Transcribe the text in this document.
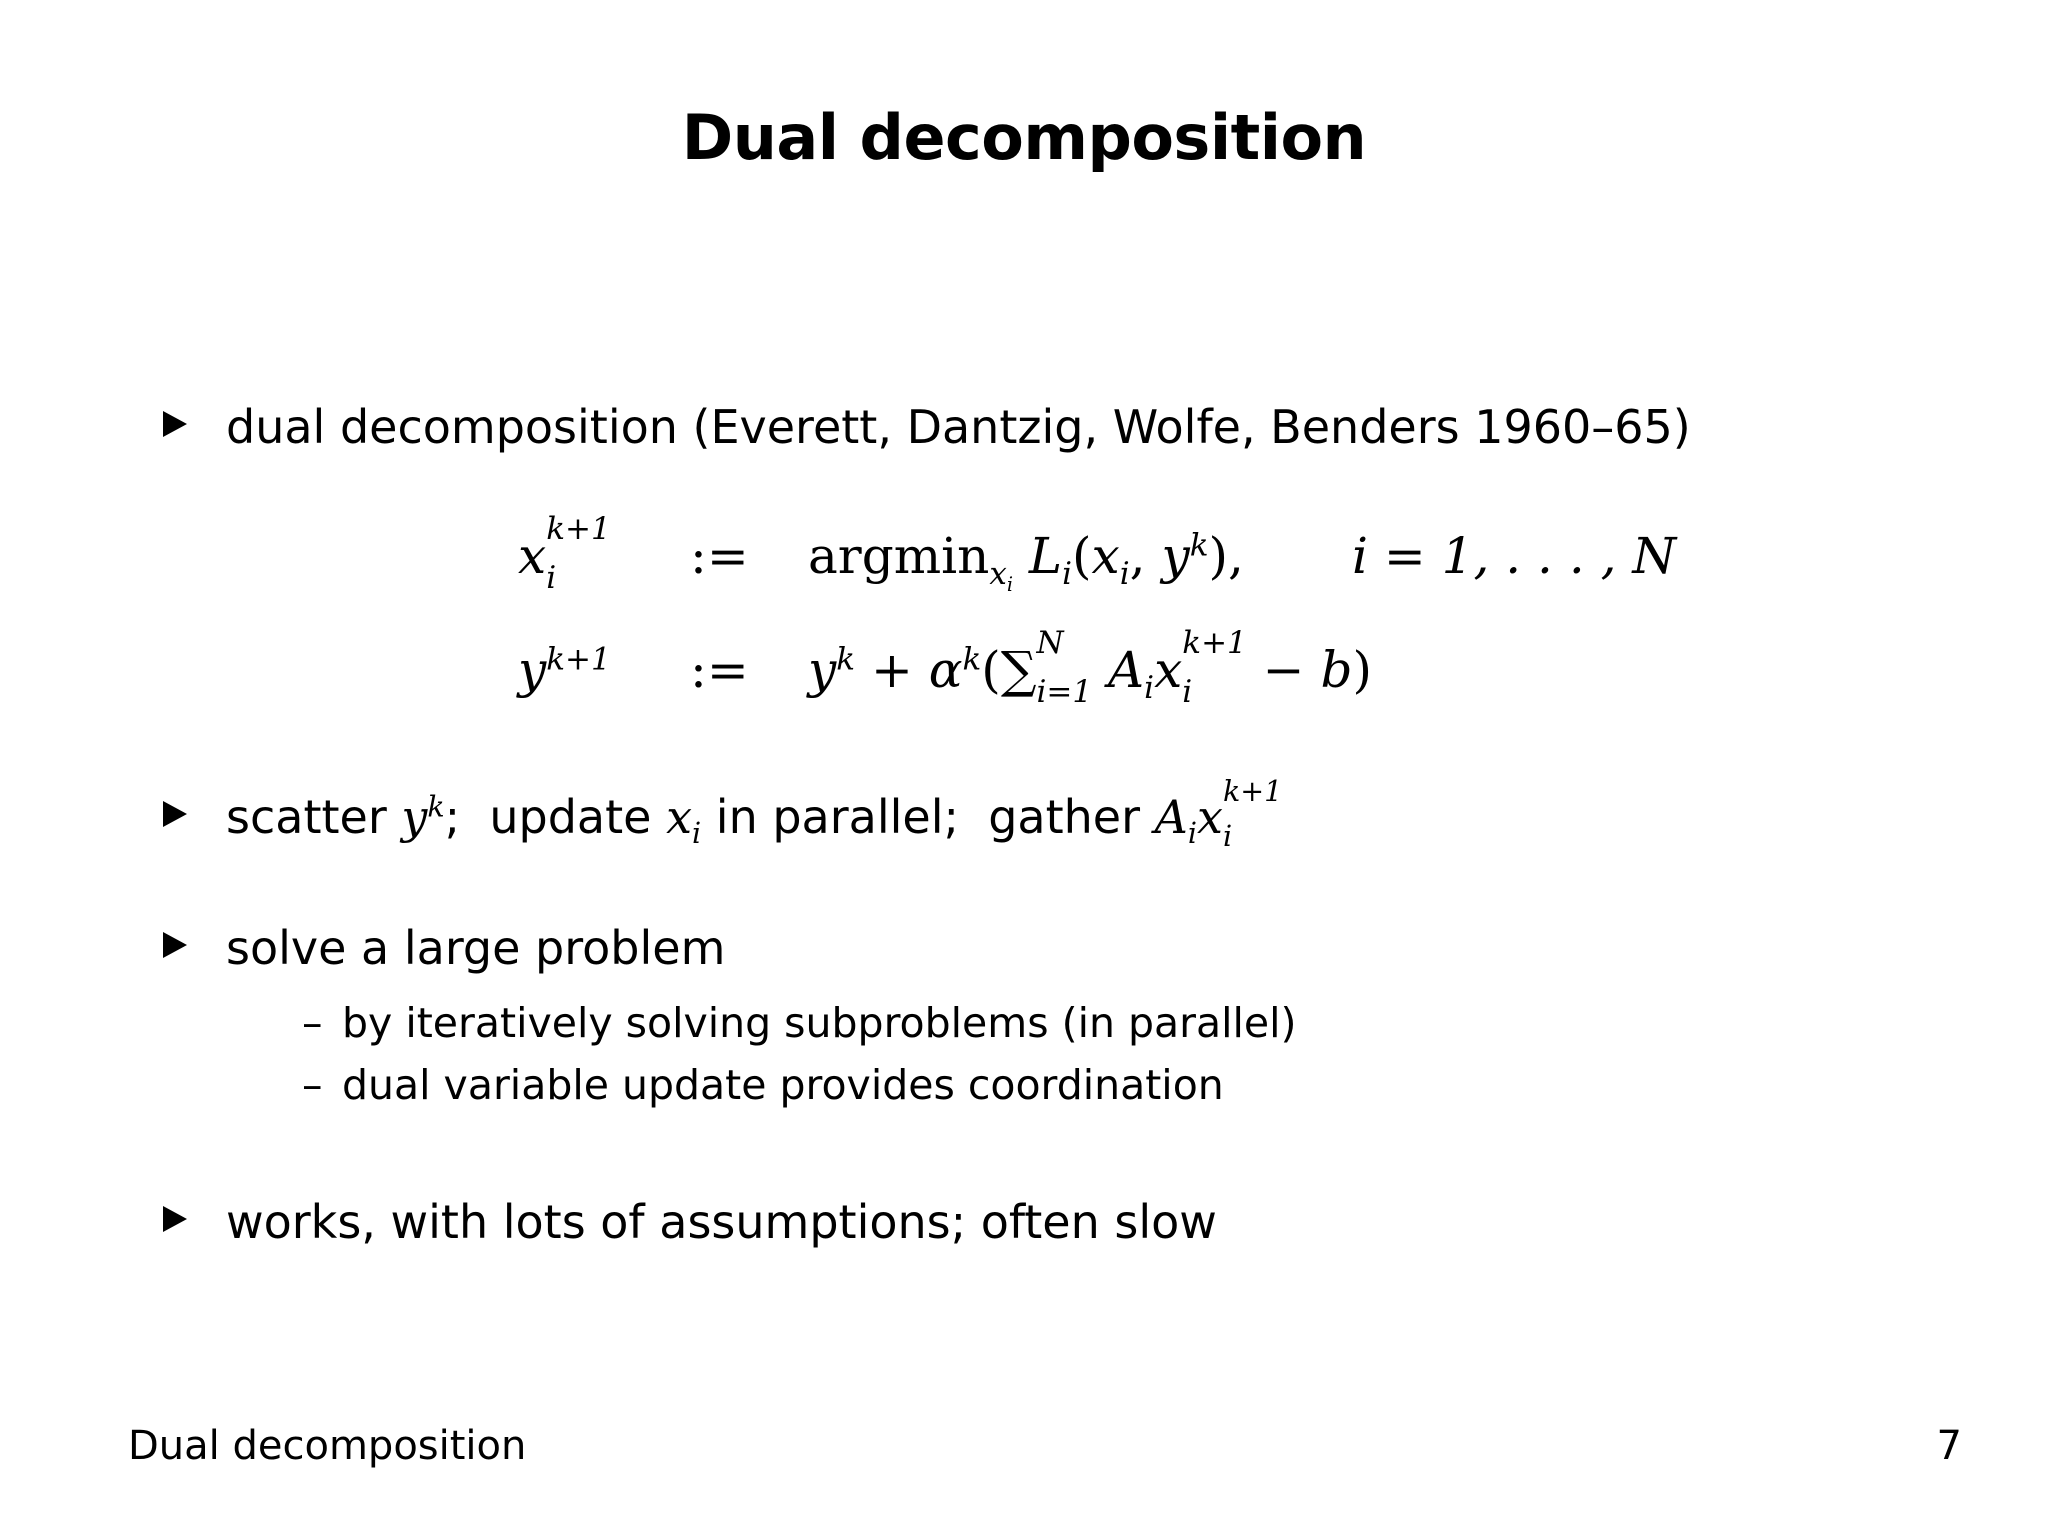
Dual decomposition
dual decomposition (Everett, Dantzig, Wolfe, Benders 1960–65)
x k+1
i	:= argmin$_{x_i}$ $L_i(x_i$, $y^k$), i = 1, . . . , N
$y^{k+1}$ := $y^k + \alpha^k(\sum$ N
i=1 $A_ix$ k+1
i	− b)
scatter $y^k$;  update $x_i$ in parallel;  gather $A_ix$ k+1
i
solve a large problem
– by iteratively solving subproblems (in parallel)
– dual variable update provides coordination
works, with lots of assumptions; often slow
Dual decomposition	7
